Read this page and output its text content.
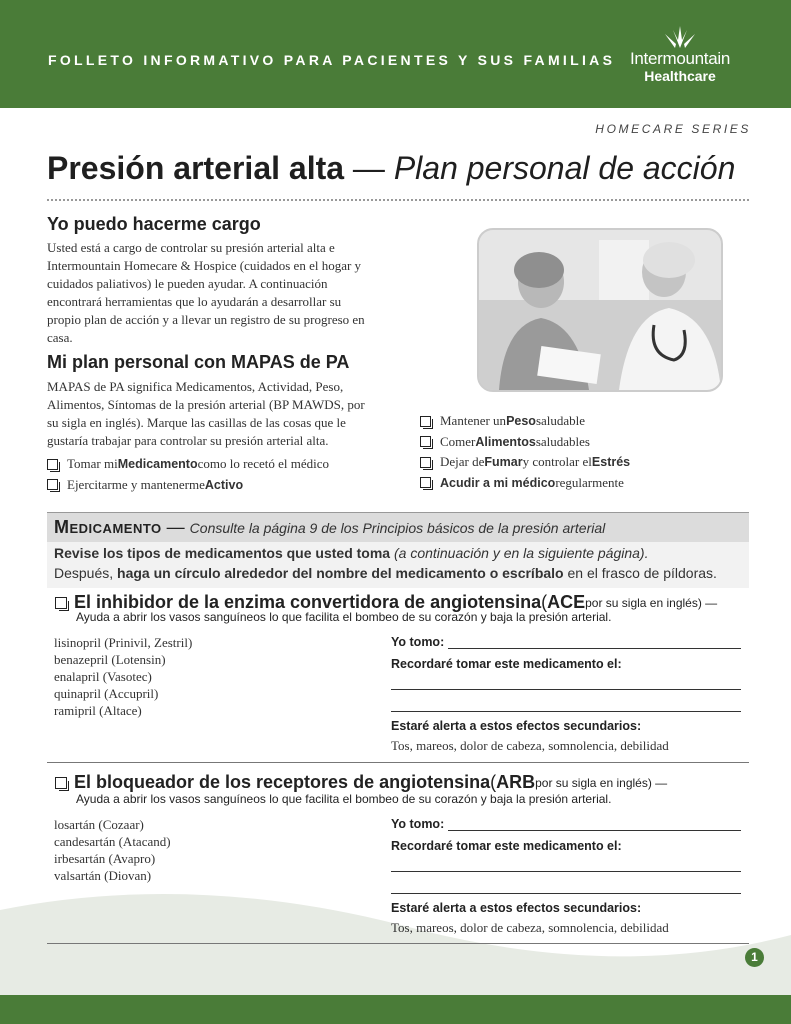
FOLLETO INFORMATIVO PARA PACIENTES Y SUS FAMILIAS Intermountain
Healthcare
HOMECARE SERIES
Presión arterial alta — Plan personal de acción
Yo puedo hacerme cargo
Usted está a cargo de controlar su presión arterial alta e Intermountain Homecare & Hospice (cuidados en el hogar y cuidados paliativos) le pueden ayudar. A continuación encontrará herramientas que lo ayudarán a desarrollar su propio plan de acción y a llevar un registro de su progreso en casa.
Mi plan personal con MAPAS de PA
MAPAS de PA significa Medicamentos, Actividad, Peso, Alimentos, Síntomas de la presión arterial (BP MAWDS, por su sigla en inglés). Marque las casillas de las cosas que le gustaría trabajar para controlar su presión arterial alta.
Tomar mi Medicamento como lo recetó el médico
Ejercitarme y mantenerme Activo
Mantener un Peso saludable
Comer Alimentos saludables
Dejar de Fumar y controlar el Estrés
Acudir a mi médico regularmente
Medicamento — Consulte la página 9 de los Principios básicos de la presión arterial
Revise los tipos de medicamentos que usted toma (a continuación y en la siguiente página).
Después, haga un círculo alrededor del nombre del medicamento o escríbalo en el frasco de píldoras.
El inhibidor de la enzima convertidora de angiotensina ( ACE por su sigla en inglés) —
Ayuda a abrir los vasos sanguíneos lo que facilita el bombeo de su corazón y baja la presión arterial.
lisinopril (Prinivil, Zestril)
benazepril (Lotensin)
enalapril (Vasotec)
quinapril (Accupril)
ramipril (Altace)
Yo tomo:
Recordaré tomar este medicamento el:
Estaré alerta a estos efectos secundarios:
Tos, mareos, dolor de cabeza, somnolencia, debilidad
El bloqueador de los receptores de angiotensina ( ARB por su sigla en inglés) —
Ayuda a abrir los vasos sanguíneos lo que facilita el bombeo de su corazón y baja la presión arterial.
losartán (Cozaar)
candesartán (Atacand)
irbesartán (Avapro)
valsartán (Diovan)
Yo tomo:
Recordaré tomar este medicamento el:
Estaré alerta a estos efectos secundarios:
Tos, mareos, dolor de cabeza, somnolencia, debilidad
1
